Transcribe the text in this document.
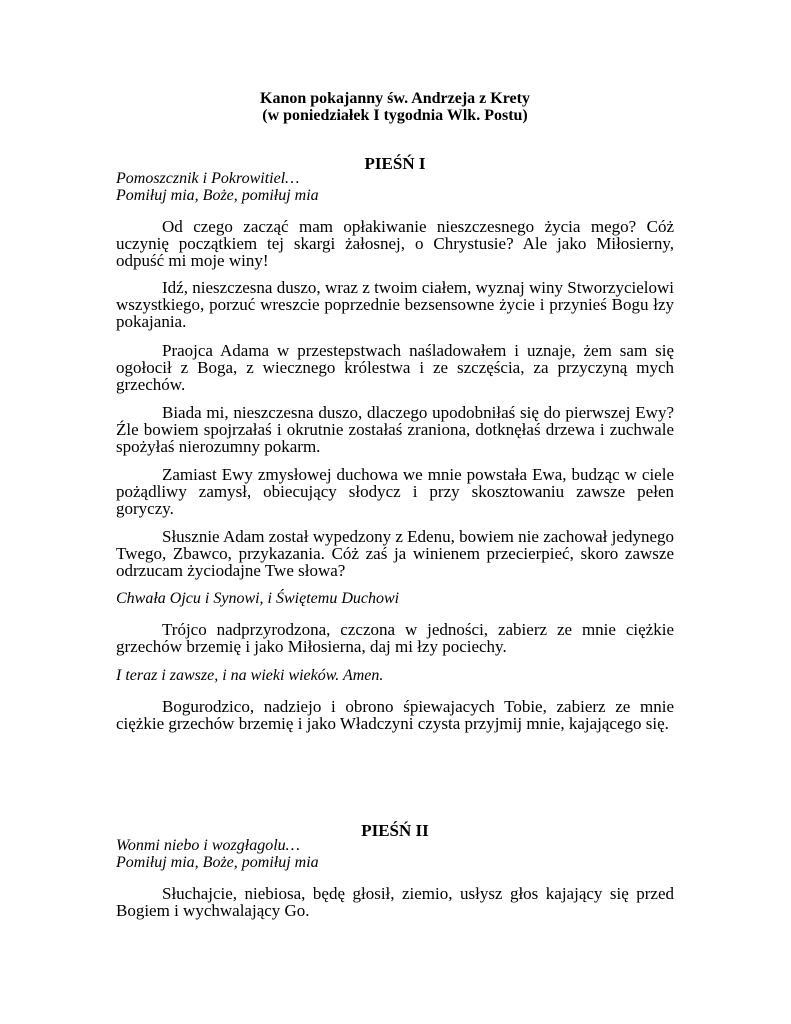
Kanon pokajanny św. Andrzeja z Krety
(w poniedziałek I tygodnia Wlk. Postu)
PIEŚŃ I
Pomoszcznik i Pokrowitiel…
Pomiłuj mia, Boże, pomiłuj mia

Od czego zacząć mam opłakiwanie nieszczesnego życia mego? Cóż uczynię początkiem tej skargi żałosnej, o Chrystusie? Ale jako Miłosierny, odpuść mi moje winy!

Idź, nieszczesna duszo, wraz z twoim ciałem, wyznaj winy Stworzycielowi wszystkiego, porzuć wreszcie poprzednie bezsensowne życie i przynieś Bogu łzy pokajania.

Praojca Adama w przestepstwach naśladowałem i uznaje, żem sam się ogołocił z Boga, z wiecznego królestwa i ze szczęścia, za przyczyną mych grzechów.

Biada mi, nieszczesna duszo, dlaczego upodobniłaś się do pierwszej Ewy? Źle bowiem spojrzałaś i okrutnie zostałaś zraniona, dotknęłaś drzewa i zuchwale spożyłaś nierozumny pokarm.

Zamiast Ewy zmysłowej duchowa we mnie powstała Ewa, budząc w ciele pożądliwy zamysł, obiecujący słodycz i przy skosztowaniu zawsze pełen goryczy.

Słusznie Adam został wypedzony z Edenu, bowiem nie zachował jedynego Twego, Zbawco, przykazania. Cóż zaś ja winienem przecierpieć, skoro zawsze odrzucam życiodajne Twe słowa?

Chwała Ojcu i Synowi, i Świętemu Duchowi

Trójco nadprzyrodzona, czczona w jedności, zabierz ze mnie ciężkie grzechów brzemię i jako Miłosierna, daj mi łzy pociechy.

I teraz i zawsze, i na wieki wieków. Amen.

Bogurodzico, nadziejo i obrono śpiewajacych Tobie, zabierz ze mnie ciężkie grzechów brzemię i jako Władczyni czysta przyjmij mnie, kajającego się.

PIEŚŃ II
Wonmi niebo i wozgłagolu…
Pomiłuj mia, Boże, pomiłuj mia

Słuchajcie, niebiosa, będę głosił, ziemio, usłysz głos kajający się przed Bogiem i wychwalający Go.
